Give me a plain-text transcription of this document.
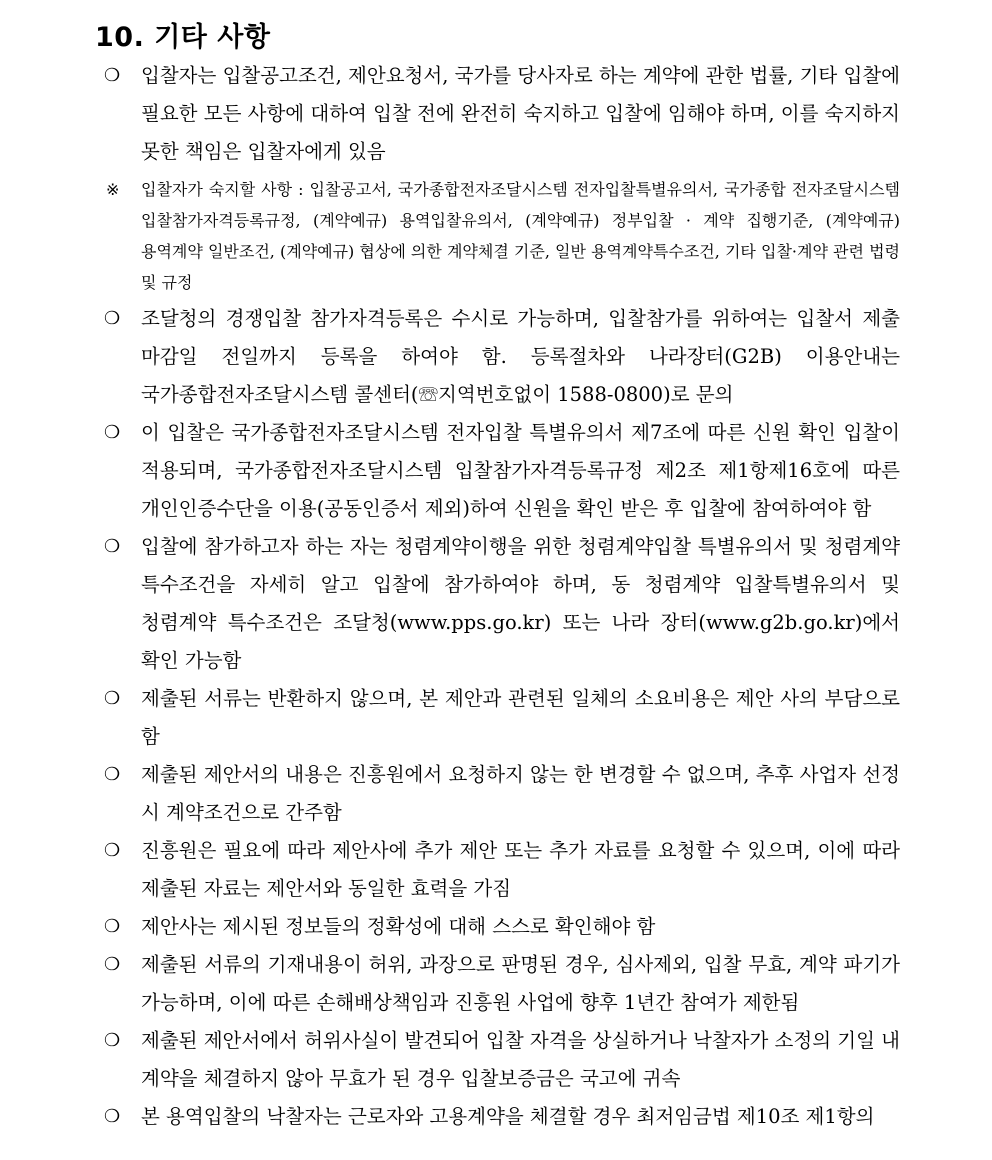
10. 기타 사항
❍	입찰자는 입찰공고조건, 제안요청서, 국가를 당사자로 하는 계약에 관한 법률, 기타 입찰에 필요한 모든 사항에 대하여 입찰 전에 완전히 숙지하고 입찰에 임해야 하며, 이를 숙지하지 못한 책임은 입찰자에게 있음
※	입찰자가 숙지할 사항 : 입찰공고서, 국가종합전자조달시스템 전자입찰특별유의서, 국가종합 전자조달시스템 입찰참가자격등록규정, (계약예규) 용역입찰유의서, (계약예규) 정부입찰 · 계약 집행기준, (계약예규) 용역계약 일반조건, (계약예규) 협상에 의한 계약체결 기준, 일반 용역계약특수조건, 기타 입찰·계약 관련 법령 및 규정
❍	조달청의 경쟁입찰 참가자격등록은 수시로 가능하며, 입찰참가를 위하여는 입찰서 제출 마감일 전일까지 등록을 하여야 함. 등록절차와 나라장터(G2B) 이용안내는 국가종합전자조달시스템 콜센터(☏지역번호없이 1588-0800)로 문의
❍	이 입찰은 국가종합전자조달시스템 전자입찰 특별유의서 제7조에 따른 신원 확인 입찰이 적용되며, 국가종합전자조달시스템 입찰참가자격등록규정 제2조 제1항제16호에 따른 개인인증수단을 이용(공동인증서 제외)하여 신원을 확인 받은 후 입찰에 참여하여야 함
❍	입찰에 참가하고자 하는 자는 청렴계약이행을 위한 청렴계약입찰 특별유의서 및 청렴계약 특수조건을 자세히 알고 입찰에 참가하여야 하며, 동 청렴계약 입찰특별유의서 및 청렴계약 특수조건은 조달청(www.pps.go.kr) 또는 나라 장터(www.g2b.go.kr)에서 확인 가능함
❍	제출된 서류는 반환하지 않으며, 본 제안과 관련된 일체의 소요비용은 제안 사의 부담으로 함
❍	제출된 제안서의 내용은 진흥원에서 요청하지 않는 한 변경할 수 없으며, 추후 사업자 선정 시 계약조건으로 간주함
❍	진흥원은 필요에 따라 제안사에 추가 제안 또는 추가 자료를 요청할 수 있으며, 이에 따라 제출된 자료는 제안서와 동일한 효력을 가짐
❍	제안사는 제시된 정보들의 정확성에 대해 스스로 확인해야 함
❍	제출된 서류의 기재내용이 허위, 과장으로 판명된 경우, 심사제외, 입찰 무효, 계약 파기가 가능하며, 이에 따른 손해배상책임과 진흥원 사업에 향후 1년간 참여가 제한됨
❍	제출된 제안서에서 허위사실이 발견되어 입찰 자격을 상실하거나 낙찰자가 소정의 기일 내 계약을 체결하지 않아 무효가 된 경우 입찰보증금은 국고에 귀속
❍	본 용역입찰의 낙찰자는 근로자와 고용계약을 체결할 경우 최저임금법 제10조 제1항의
